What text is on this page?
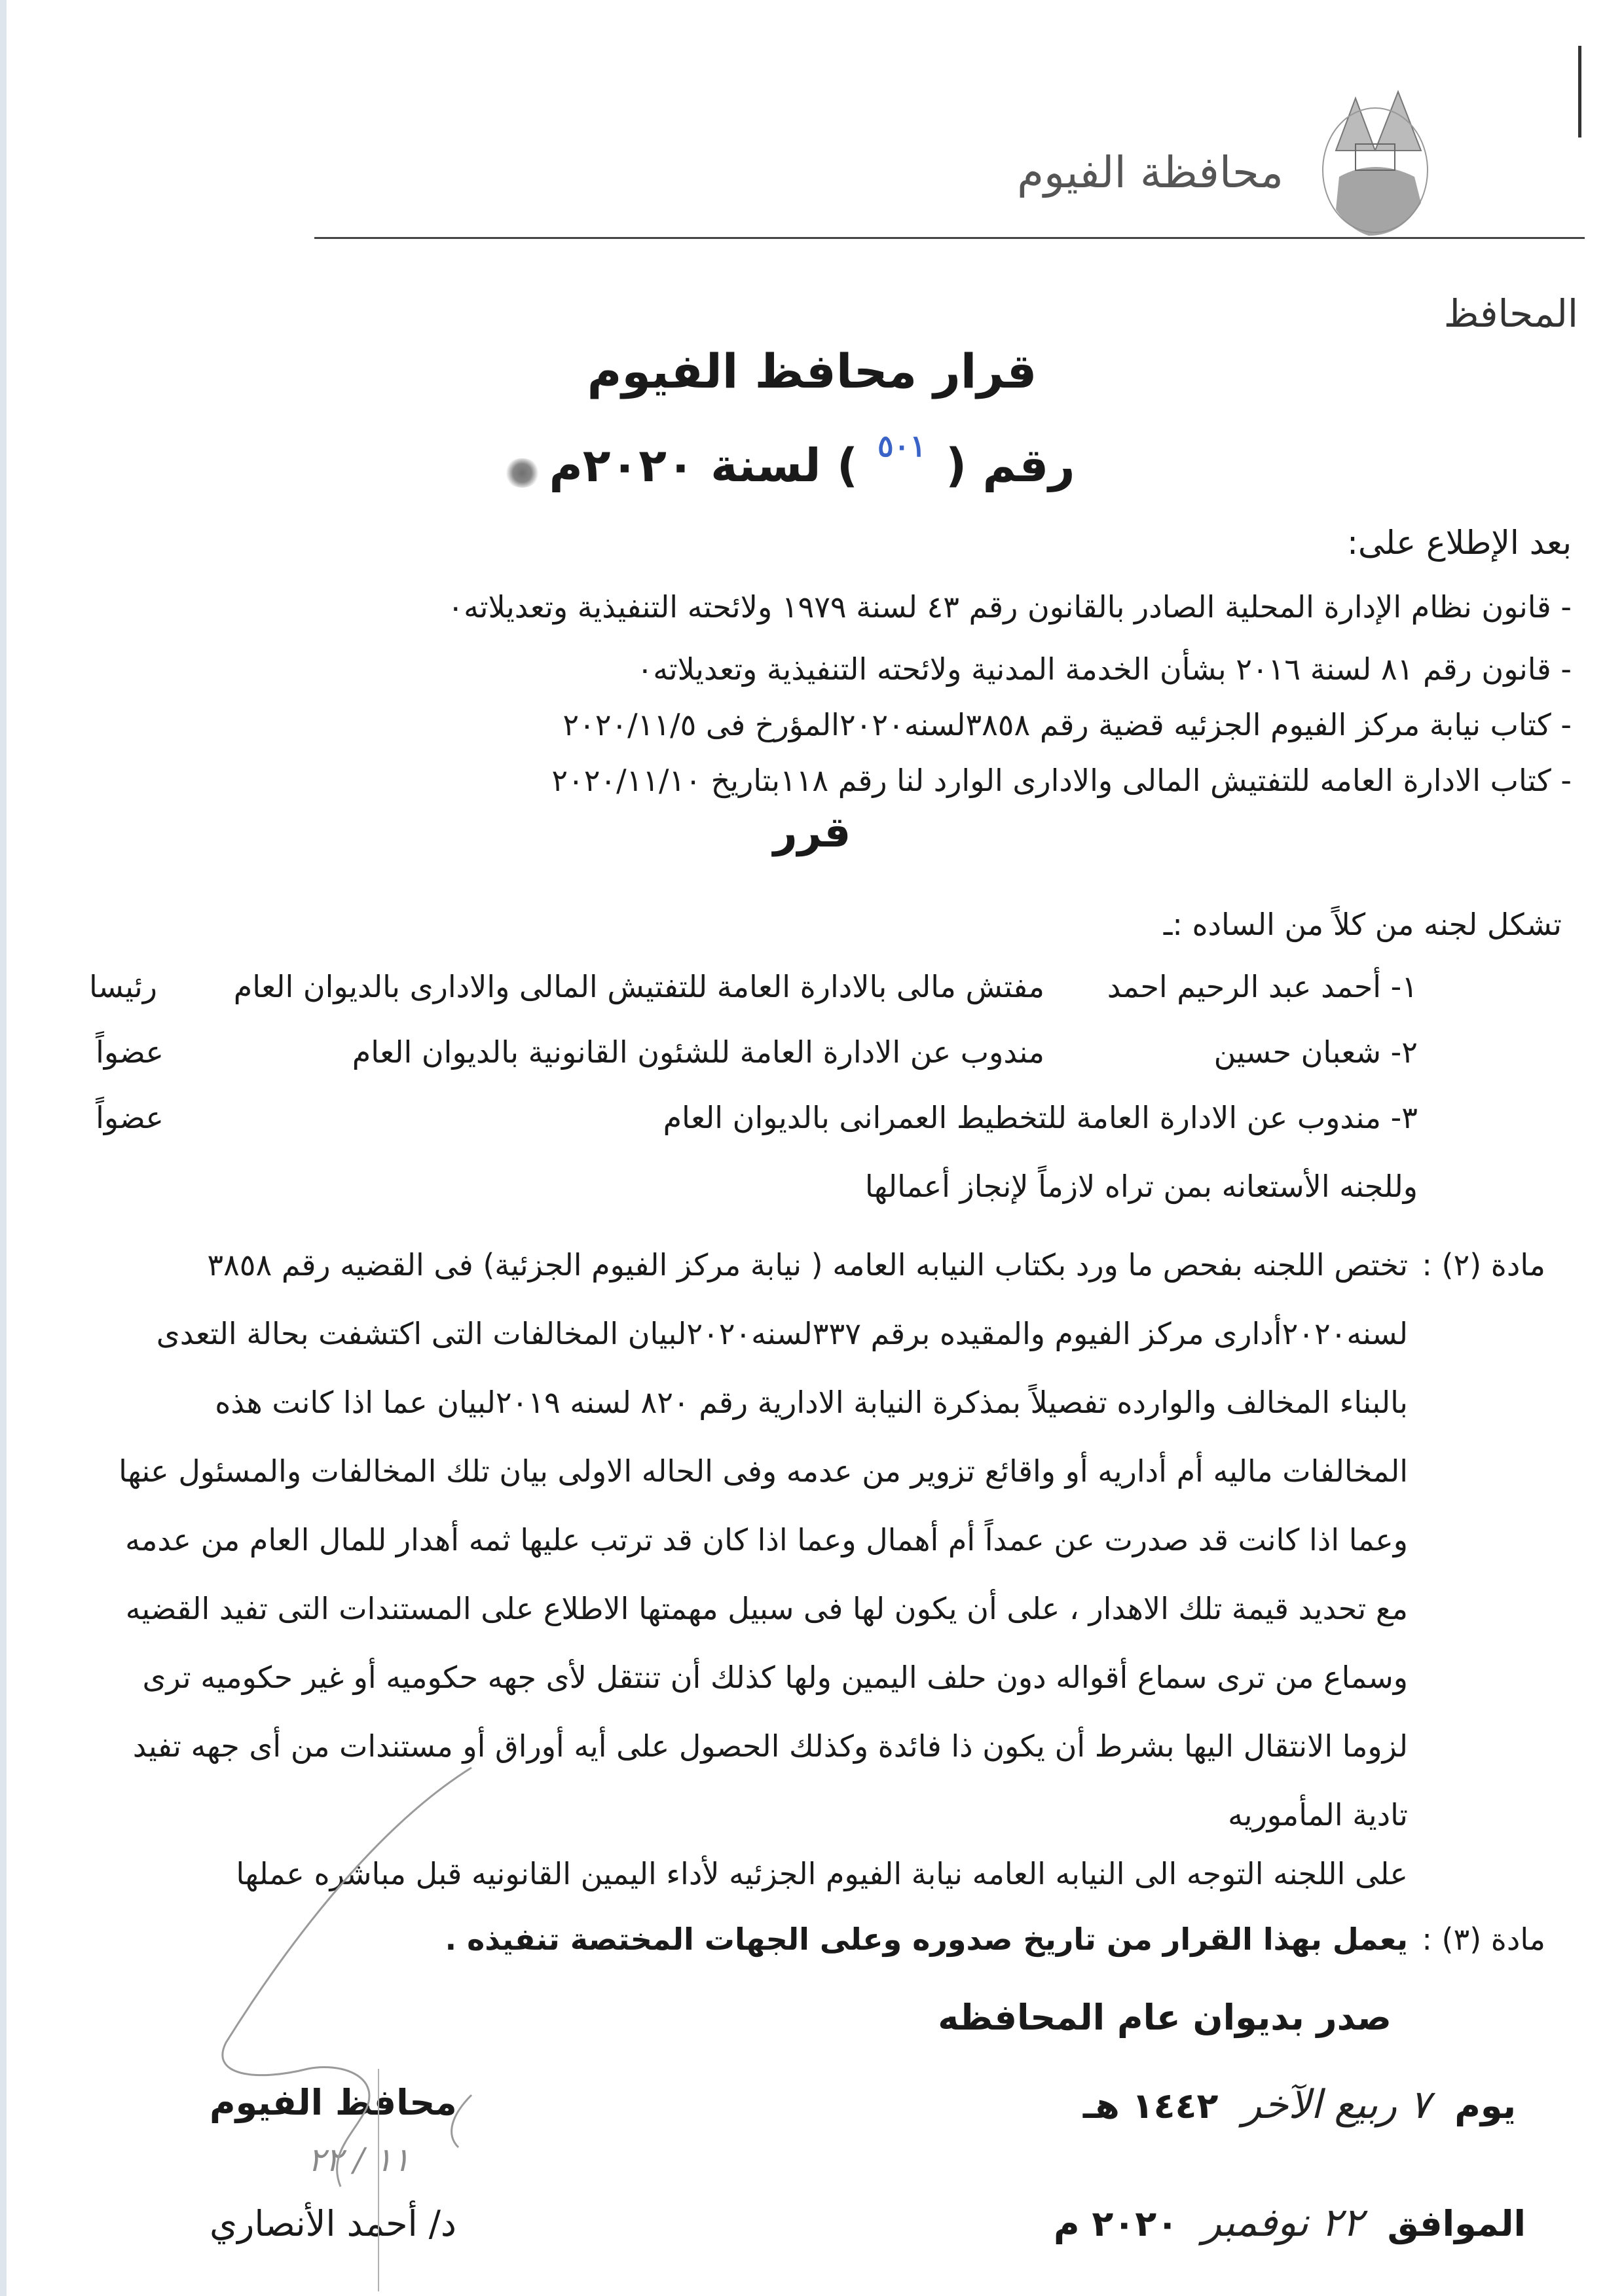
محافظة الفيوم
المحافظ
قرار محافظ الفيوم
رقم ($^{٥٠١}$) لسنة ٢٠٢٠م
بعد الإطلاع على:
- قانون نظام الإدارة المحلية الصادر بالقانون رقم ٤٣ لسنة ١٩٧٩ ولائحته التنفيذية وتعديلاته٠
- قانون رقم ٨١ لسنة ٢٠١٦ بشأن الخدمة المدنية ولائحته التنفيذية وتعديلاته٠
- كتاب نيابة مركز الفيوم الجزئيه قضية رقم ٣٨٥٨لسنه٢٠٢٠المؤرخ فى ٢٠٢٠/١١/٥
- كتاب الادارة العامه للتفتيش المالى والادارى الوارد لنا رقم ١١٨بتاريخ ٢٠٢٠/١١/١٠
قرر
تشكل لجنه من كلاً من الساده :ـ
١- أحمد عبد الرحيم احمد
مفتش مالى بالادارة العامة للتفتيش المالى والادارى بالديوان العام
رئيسا
٢- شعبان حسين
مندوب عن الادارة العامة للشئون القانونية بالديوان العام
عضواً
٣- مندوب عن الادارة العامة للتخطيط العمرانى بالديوان العام
عضواً
وللجنه الأستعانه بمن تراه لازماً لإنجاز أعمالها
مادة (٢) :
تختص اللجنه بفحص ما ورد بكتاب النيابه العامه ( نيابة مركز الفيوم الجزئية) فى القضيه رقم ٣٨٥٨
لسنه٢٠٢٠أدارى مركز الفيوم والمقيده برقم ٣٣٧لسنه٢٠٢٠لبيان المخالفات التى اكتشفت بحالة التعدى
بالبناء المخالف والوارده تفصيلاً بمذكرة النيابة الادارية رقم ٨٢٠ لسنه ٢٠١٩لبيان عما اذا كانت هذه
المخالفات ماليه أم أداريه أو واقائع تزوير من عدمه وفى الحاله الاولى بيان تلك المخالفات والمسئول عنها
وعما اذا كانت قد صدرت عن عمداً أم أهمال وعما اذا كان قد ترتب عليها ثمه أهدار للمال العام من عدمه
مع تحديد قيمة تلك الاهدار ، على أن يكون لها فى سبيل مهمتها الاطلاع على المستندات التى تفيد القضيه
وسماع من ترى سماع أقواله دون حلف اليمين ولها كذلك أن تنتقل لأى جهه حكوميه أو غير حكوميه ترى
لزوما الانتقال اليها بشرط أن يكون ذا فائدة وكذلك الحصول على أيه أوراق أو مستندات من أى جهه تفيد
تادية المأموريه
على اللجنه التوجه الى النيابه العامه نيابة الفيوم الجزئيه لأداء اليمين القانونيه قبل مباشره عملها
مادة (٣) :
يعمل بهذا القرار من تاريخ صدوره وعلى الجهات المختصة تنفيذه .
صدر بديوان عام المحافظه
يوم ٧ ربيع الآخر ١٤٤٢ هـ
الموافق ٢٢ نوفمبر ٢٠٢٠ م
محافظ الفيوم
د/ أحمد الأنصاري
١١ / ٢٢
